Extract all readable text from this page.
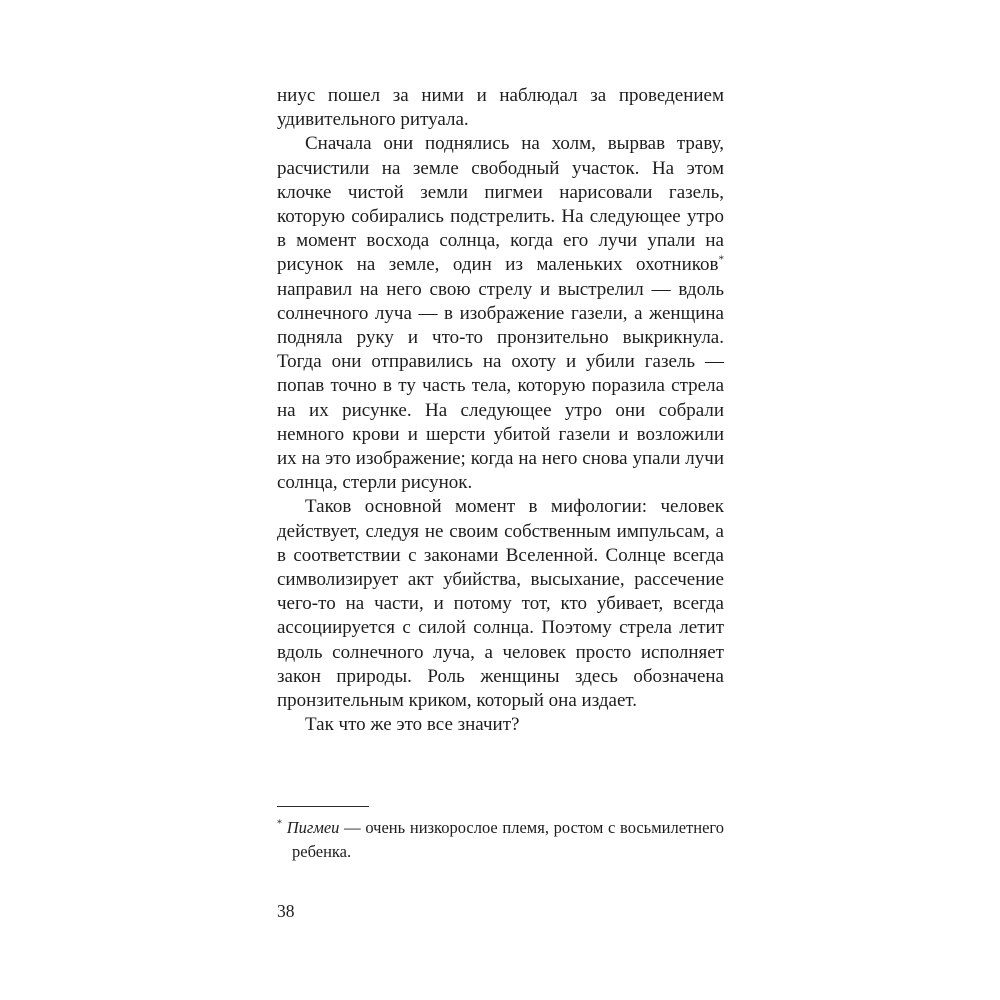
ниус пошел за ними и наблюдал за проведением удивительного ритуала.

Сначала они поднялись на холм, вырвав траву, расчистили на земле свободный участок. На этом клочке чистой земли пигмеи нарисовали газель, которую собирались подстрелить. На следующее утро в момент восхода солнца, когда его лучи упали на рисунок на земле, один из маленьких охотников* направил на него свою стрелу и выстрелил — вдоль солнечного луча — в изображение газели, а женщина подняла руку и что-то пронзительно выкрикнула. Тогда они отправились на охоту и убили газель — попав точно в ту часть тела, которую поразила стрела на их рисунке. На следующее утро они собрали немного крови и шерсти убитой газели и возложили их на это изображение; когда на него снова упали лучи солнца, стерли рисунок.

Таков основной момент в мифологии: человек действует, следуя не своим собственным импульсам, а в соответствии с законами Вселенной. Солнце всегда символизирует акт убийства, высыхание, рассечение чего-то на части, и потому тот, кто убивает, всегда ассоциируется с силой солнца. Поэтому стрела летит вдоль солнечного луча, а человек просто исполняет закон природы. Роль женщины здесь обозначена пронзительным криком, который она издает.

Так что же это все значит?

* Пигмеи — очень низкорослое племя, ростом с восьмилетнего ребенка.

38
